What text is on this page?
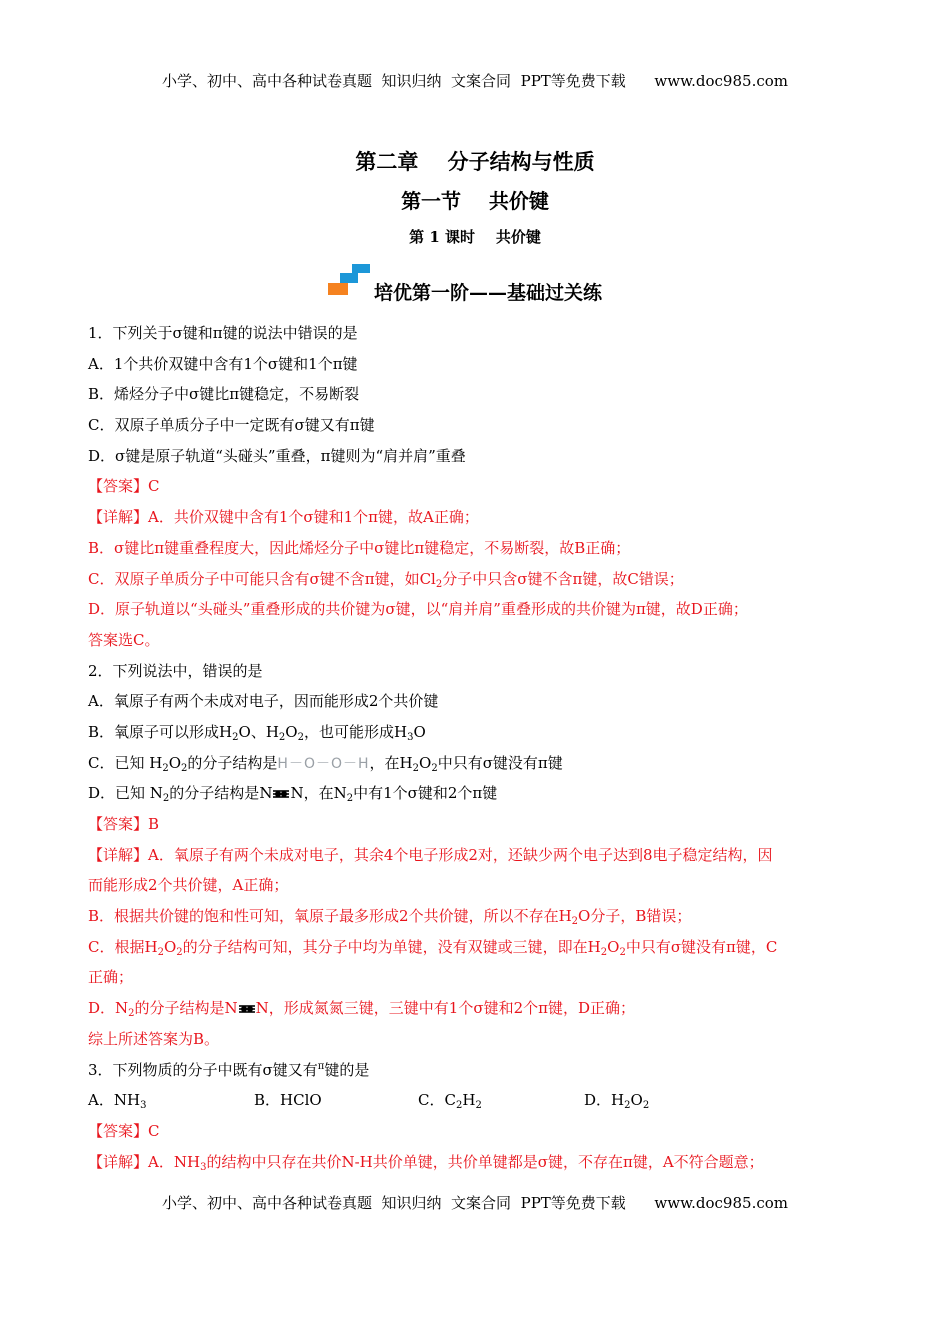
小学、初中、高中各种试卷真题  知识归纳  文案合同  PPT等免费下载      www.doc985.com
第二章    分子结构与性质
第一节    共价键
第 1 课时    共价键
培优第一阶——基础过关练
1．下列关于σ键和π键的说法中错误的是
A．1个共价双键中含有1个σ键和1个π键
B．烯烃分子中σ键比π键稳定，不易断裂
C．双原子单质分子中一定既有σ键又有π键
D．σ键是原子轨道“头碰头”重叠，π键则为“肩并肩”重叠
【答案】C
【详解】A．共价双键中含有1个σ键和1个π键，故A正确；
B．σ键比π键重叠程度大，因此烯烃分子中σ键比π键稳定，不易断裂，故B正确；
C．双原子单质分子中可能只含有σ键不含π键，如$Cl_2$分子中只含σ键不含π键，故C错误；
D．原子轨道以“头碰头”重叠形成的共价键为σ键，以“肩并肩”重叠形成的共价键为π键，故D正确；
答案选C。
2．下列说法中，错误的是
A．氧原子有两个未成对电子，因而能形成2个共价键
B．氧原子可以形成$H_2O$、$H_2O_2$，也可能形成$H_3O$
C．已知 $H_2O_2$的分子结构是H－O－O－H，在$H_2O_2$中只有σ键没有π键
D．已知 $N_2$的分子结构是N N，在$N_2$中有1个σ键和2个π键
【答案】B
【详解】A．氧原子有两个未成对电子，其余4个电子形成2对，还缺少两个电子达到8电子稳定结构，因
而能形成2个共价键，A正确；
B．根据共价键的饱和性可知，氧原子最多形成2个共价键，所以不存在$H_2O$分子，B错误；
C．根据$H_2O_2$的分子结构可知，其分子中均为单键，没有双键或三键，即在$H_2O_2$中只有σ键没有π键，C
正确；
D．$N_2$的分子结构是N N，形成氮氮三键，三键中有1个σ键和2个π键，D正确；
综上所述答案为B。
3．下列物质的分子中既有σ键又有$^\pi$键的是
A．$NH_3$	B．HClO	C．$C_2H_2$	D．$H_2O_2$
【答案】C
【详解】A．$NH_3$的结构中只存在共价N-H共价单键，共价单键都是σ键，不存在π键，A不符合题意；
小学、初中、高中各种试卷真题  知识归纳  文案合同  PPT等免费下载      www.doc985.com
